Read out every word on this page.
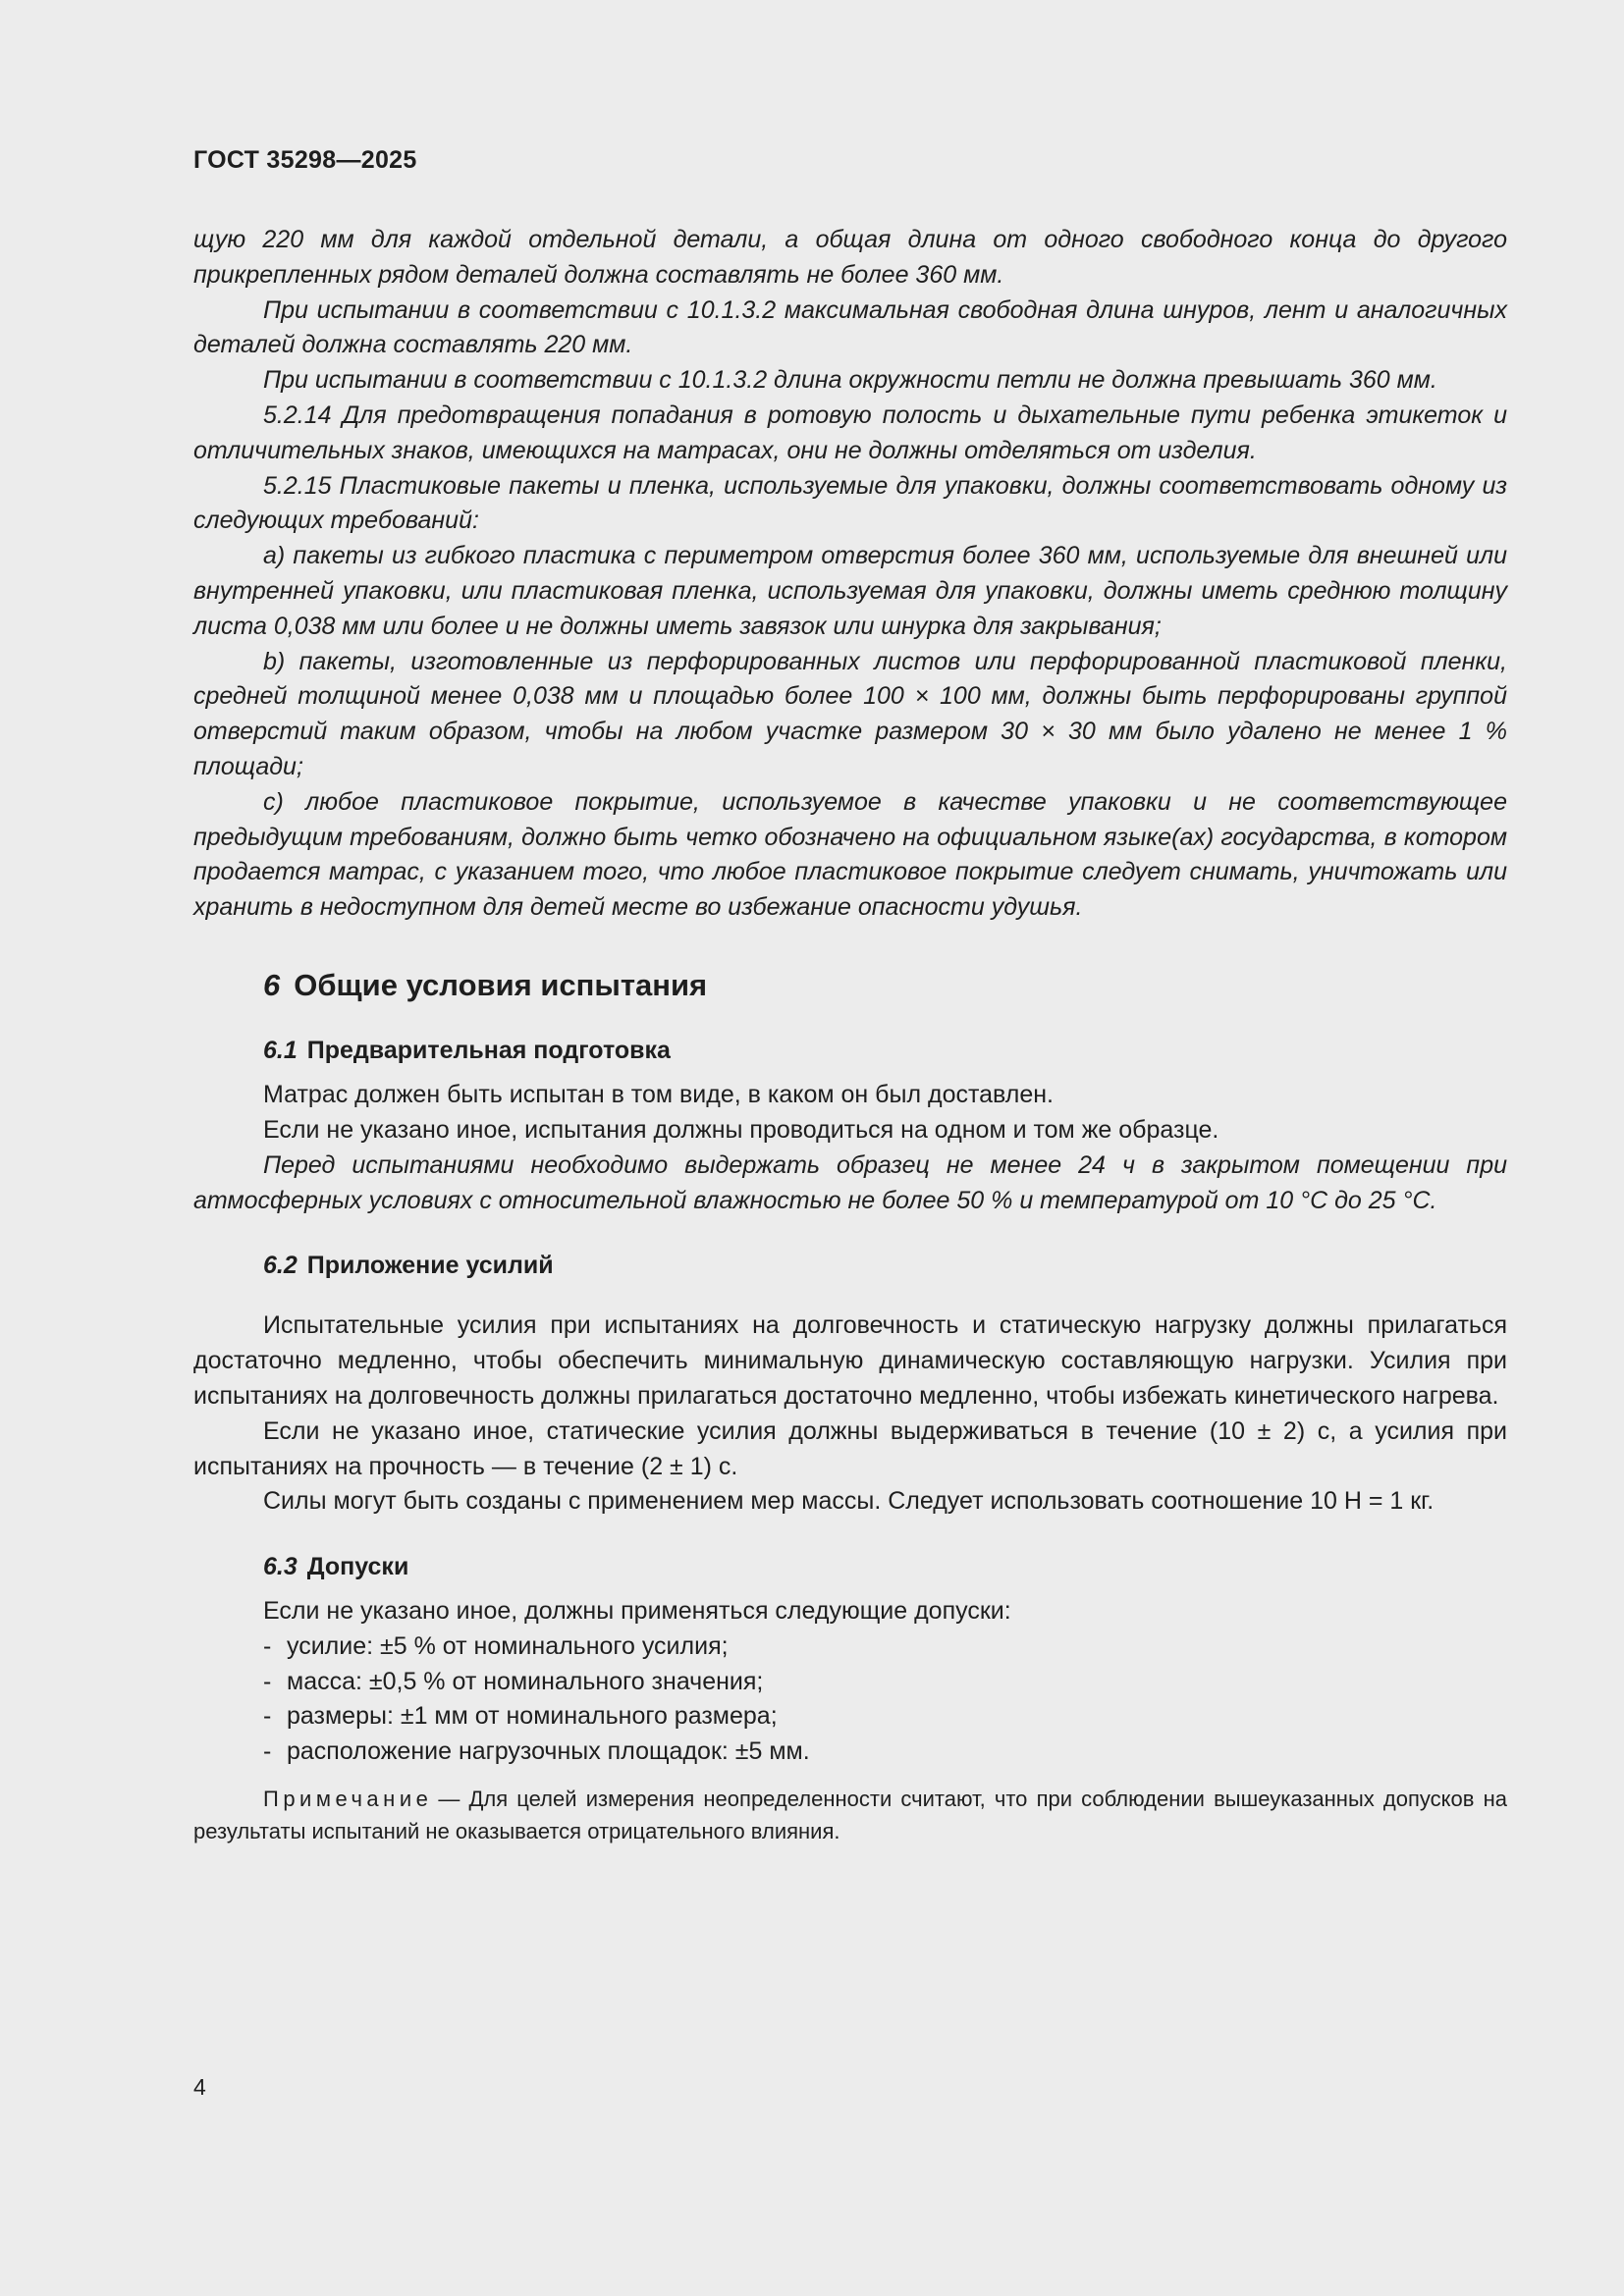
ГОСТ 35298—2025

щую 220 мм для каждой отдельной детали, а общая длина от одного свободного конца до другого прикрепленных рядом деталей должна составлять не более 360 мм.

При испытании в соответствии с 10.1.3.2 максимальная свободная длина шнуров, лент и аналогичных деталей должна составлять 220 мм.

При испытании в соответствии с 10.1.3.2 длина окружности петли не должна превышать 360 мм.

5.2.14 Для предотвращения попадания в ротовую полость и дыхательные пути ребенка этикеток и отличительных знаков, имеющихся на матрасах, они не должны отделяться от изделия.

5.2.15 Пластиковые пакеты и пленка, используемые для упаковки, должны соответствовать одному из следующих требований:

a) пакеты из гибкого пластика с периметром отверстия более 360 мм, используемые для внешней или внутренней упаковки, или пластиковая пленка, используемая для упаковки, должны иметь среднюю толщину листа 0,038 мм или более и не должны иметь завязок или шнурка для закрывания;

b) пакеты, изготовленные из перфорированных листов или перфорированной пластиковой пленки, средней толщиной менее 0,038 мм и площадью более 100 × 100 мм, должны быть перфорированы группой отверстий таким образом, чтобы на любом участке размером 30 × 30 мм было удалено не менее 1 % площади;

c) любое пластиковое покрытие, используемое в качестве упаковки и не соответствующее предыдущим требованиям, должно быть четко обозначено на официальном языке(ах) государства, в котором продается матрас, с указанием того, что любое пластиковое покрытие следует снимать, уничтожать или хранить в недоступном для детей месте во избежание опасности удушья.

6 Общие условия испытания
6.1 Предварительная подготовка

Матрас должен быть испытан в том виде, в каком он был доставлен.

Если не указано иное, испытания должны проводиться на одном и том же образце.

Перед испытаниями необходимо выдержать образец не менее 24 ч в закрытом помещении при атмосферных условиях с относительной влажностью не более 50 % и температурой от 10 °С до 25 °С.

6.2 Приложение усилий

Испытательные усилия при испытаниях на долговечность и статическую нагрузку должны прилагаться достаточно медленно, чтобы обеспечить минимальную динамическую составляющую нагрузки. Усилия при испытаниях на долговечность должны прилагаться достаточно медленно, чтобы избежать кинетического нагрева.

Если не указано иное, статические усилия должны выдерживаться в течение (10 ± 2) с, а усилия при испытаниях на прочность — в течение (2 ± 1) с.

Силы могут быть созданы с применением мер массы. Следует использовать соотношение 10 Н = 1 кг.

6.3 Допуски

Если не указано иное, должны применяться следующие допуски:

- усилие: ±5 % от номинального усилия;
- масса: ±0,5 % от номинального значения;
- размеры: ±1 мм от номинального размера;
- расположение нагрузочных площадок: ±5 мм.

Примечание — Для целей измерения неопределенности считают, что при соблюдении вышеуказанных допусков на результаты испытаний не оказывается отрицательного влияния.

4
